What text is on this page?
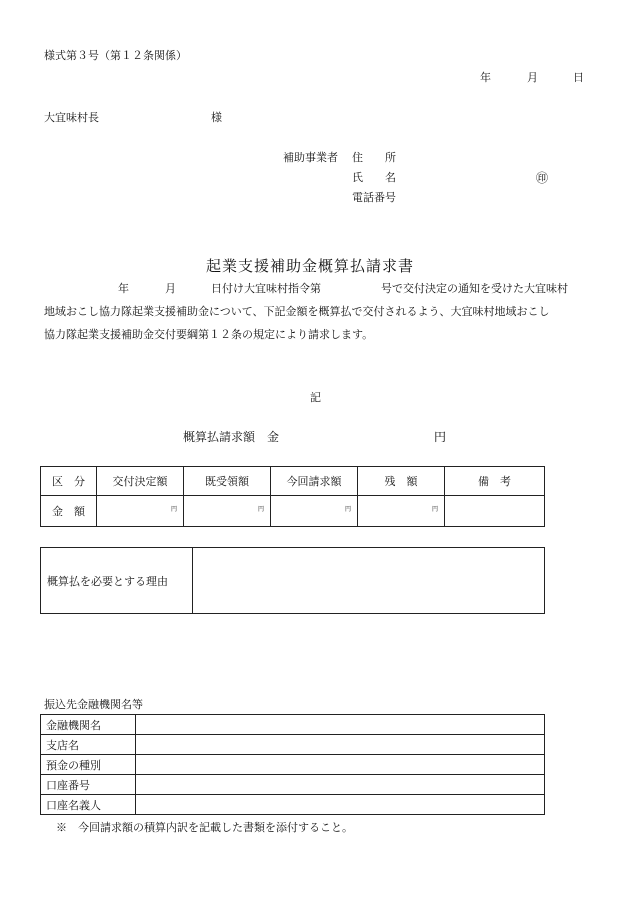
様式第３号（第１２条関係）
年	月	日
大宜味村長	様
補助事業者 住　　所
氏　　名	㊞
電話番号
起業支援補助金概算払請求書
年	月	日付け大宜味村指令第	号で交付決定の通知を受けた大宜味村
地域おこし協力隊起業支援補助金について、下記金額を概算払で交付されるよう、大宜味村地域おこし
協力隊起業支援補助金交付要綱第１２条の規定により請求します。
記
概算払請求額　金	円
区　分	交付決定額	既受領額	今回請求額	残　額	備　考
金　額	円	円	円	円	
概算払を必要とする理由	
振込先金融機関名等
金融機関名	
支店名	
預金の種別	
口座番号	
口座名義人	
※　今回請求額の積算内訳を記載した書類を添付すること。
